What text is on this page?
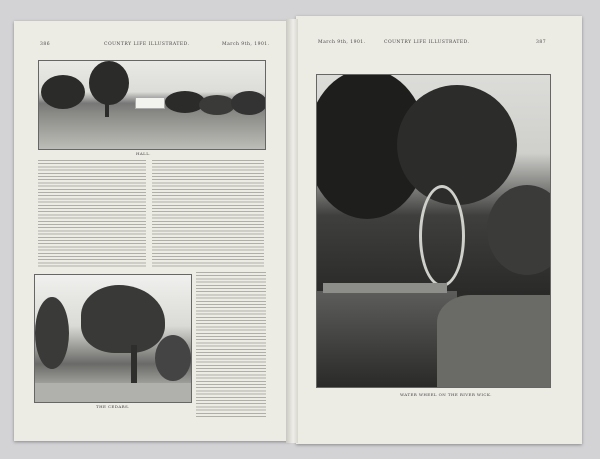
386	COUNTRY LIFE ILLUSTRATED.	March 9th, 1901.
HALL.
THE CEDARS.
March 9th, 1901.	COUNTRY LIFE ILLUSTRATED.	387
WATER WHEEL ON THE RIVER WICK.
